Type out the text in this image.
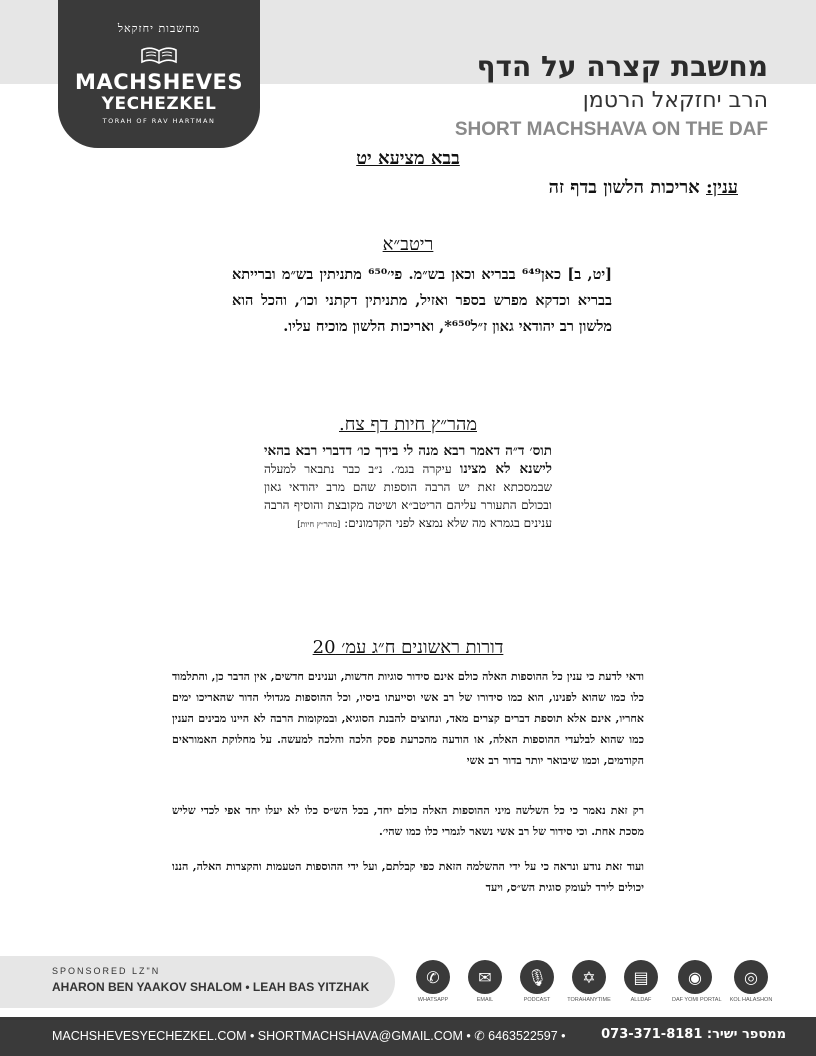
מחשבות יחזקאל
MACHSHEVES
YECHEZKEL
TORAH OF RAV HARTMAN
מחשבת קצרה על הדף
הרב יחזקאל הרטמן
SHORT MACHSHAVA ON THE DAF
בבא מציעא יט
ענין: אריכות הלשון בדף זה
ריטב״א
[יט, ב] כאן⁶⁴⁹ בבריא וכאן בש״מ. פי׳⁶⁵⁰ מתניתין בש״מ וברייתא בבריא וכדקא מפרש בספר ואזיל, מתניתין דקתני וכו׳, והכל הוא מלשון רב יהודאי גאון ז״ל⁶⁵⁰*, ואריכות הלשון מוכיח עליו.
מהר״ץ חיות דף צח.
תוס׳ ד״ה דאמר רבא מנה לי בידך כו׳ דדברי רבא בהאי לישנא לא מצינו עיקרה בגמ׳. נ״ב כבר נתבאר למעלה שבמסכתא זאת יש הרבה הוספות שהם מרב יהודאי גאון ובכולם התעורר עליהם הריטב״א ושיטה מקובצת והוסיף הרבה ענינים בגמרא מה שלא נמצא לפני הקדמונים: [מהר״ץ חיות]
דורות ראשונים ח״ג עמ׳ 20
ודאי לדעת כי ענין כל ההוספות האלה כולם אינם סידור סוגיות חדשות, וענינים חדשים, אין הדבר כן, והתלמוד כלו כמו שהוא לפנינו, הוא כמו סידורו של רב אשי וסייעתו ביסיו, וכל ההוספות מגדולי הדור שהאריכו ימים אחריו, אינם אלא תוספת דברים קצרים מאד, ונחוצים להבנת הסוגיא, ובמקומות הרבה לא היינו מבינים הענין כמו שהוא לבלעדי ההוספות האלה, או הודעה מהכרעת פסק הלכה והלכה למעשה. על מחלוקת האמוראים הקודמים, וכמו שיבואר יותר בדור רב אשי
רק זאת נאמר כי כל השלשה מיני ההוספות האלה כולם יחד, בכל הש״ס כלו לא יעלו יחד אפי לכדי שליש מסכת אחת. וכי סידור של רב אשי נשאר לגמרי כלו כמו שהי׳.
ועוד זאת נודע ונראה כי על ידי ההשלמה הזאת כפי קבלתם, ועל ידי ההוספות הטעמות והקצרות האלה, הננו יכולים לירד לעומק סוגית הש״ס, ויעד
SPONSORED LZ"N
AHARON BEN YAAKOV SHALOM • LEAH BAS YITZHAK
✆
WHATSAPP
✉
EMAIL
🎙
PODCAST
✡
TORAHANYTIME
▤
ALLDAF
◉
DAF YOMI PORTAL
◎
KOL HALASHON
MACHSHEVESYECHEZKEL.COM • SHORTMACHSHAVA@GMAIL.COM • ✆ 6463522597 •	ממספר ישיר: 073-371-8181
